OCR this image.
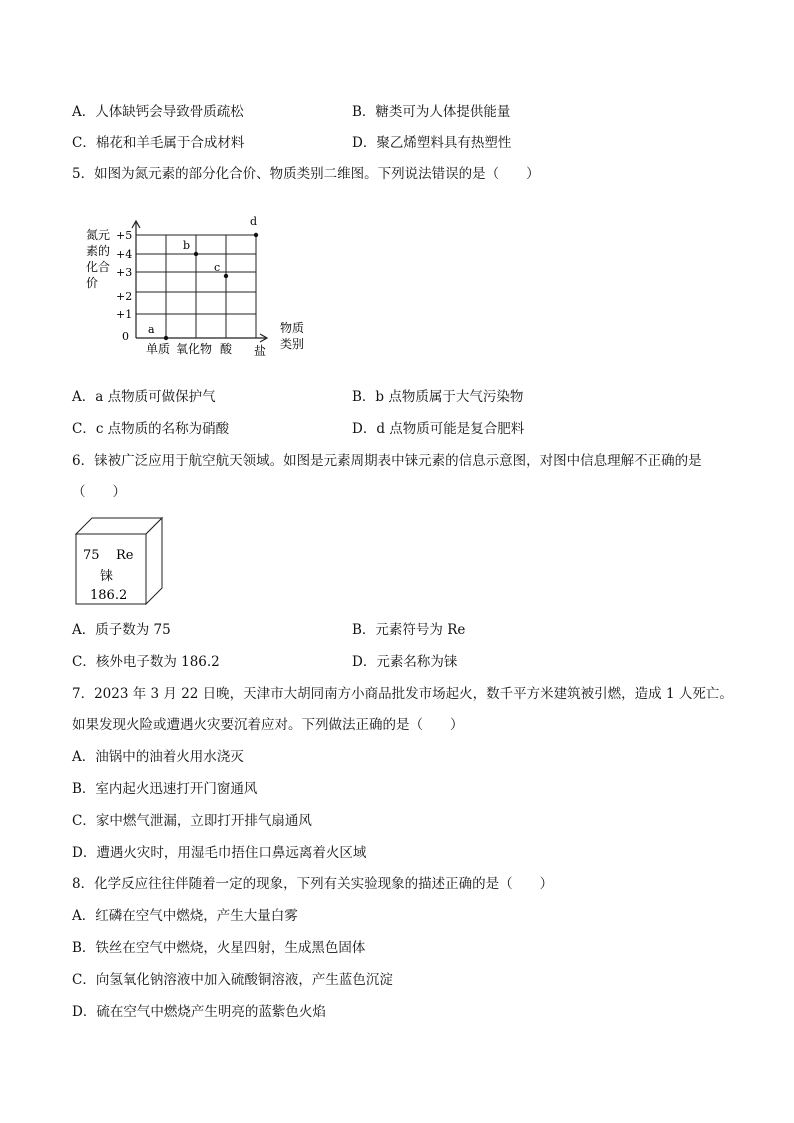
A．人体缺钙会导致骨质疏松	B．糖类可为人体提供能量
C．棉花和羊毛属于合成材料	D．聚乙烯塑料具有热塑性
5．如图为氮元素的部分化合价、物质类别二维图。下列说法错误的是（　　）
氮元
素的
化合
价
+5
+4
+3
+2
+1
0
单质 氧化物 酸 盐
物质
类别
a
b
c
d
A．a 点物质可做保护气	B．b 点物质属于大气污染物
C．c 点物质的名称为硝酸	D．d 点物质可能是复合肥料
6．铼被广泛应用于航空航天领域。如图是元素周期表中铼元素的信息示意图，对图中信息理解不正确的是
（　　）
75 Re
铼
186.2
A．质子数为 75	B．元素符号为 Re
C．核外电子数为 186.2	D．元素名称为铼
7．2023 年 3 月 22 日晚，天津市大胡同南方小商品批发市场起火，数千平方米建筑被引燃，造成 1 人死亡。
如果发现火险或遭遇火灾要沉着应对。下列做法正确的是（　　）
A．油锅中的油着火用水浇灭
B．室内起火迅速打开门窗通风
C．家中燃气泄漏，立即打开排气扇通风
D．遭遇火灾时，用湿毛巾捂住口鼻远离着火区域
8．化学反应往往伴随着一定的现象，下列有关实验现象的描述正确的是（　　）
A．红磷在空气中燃烧，产生大量白雾
B．铁丝在空气中燃烧，火星四射，生成黑色固体
C．向氢氧化钠溶液中加入硫酸铜溶液，产生蓝色沉淀
D．硫在空气中燃烧产生明亮的蓝紫色火焰
